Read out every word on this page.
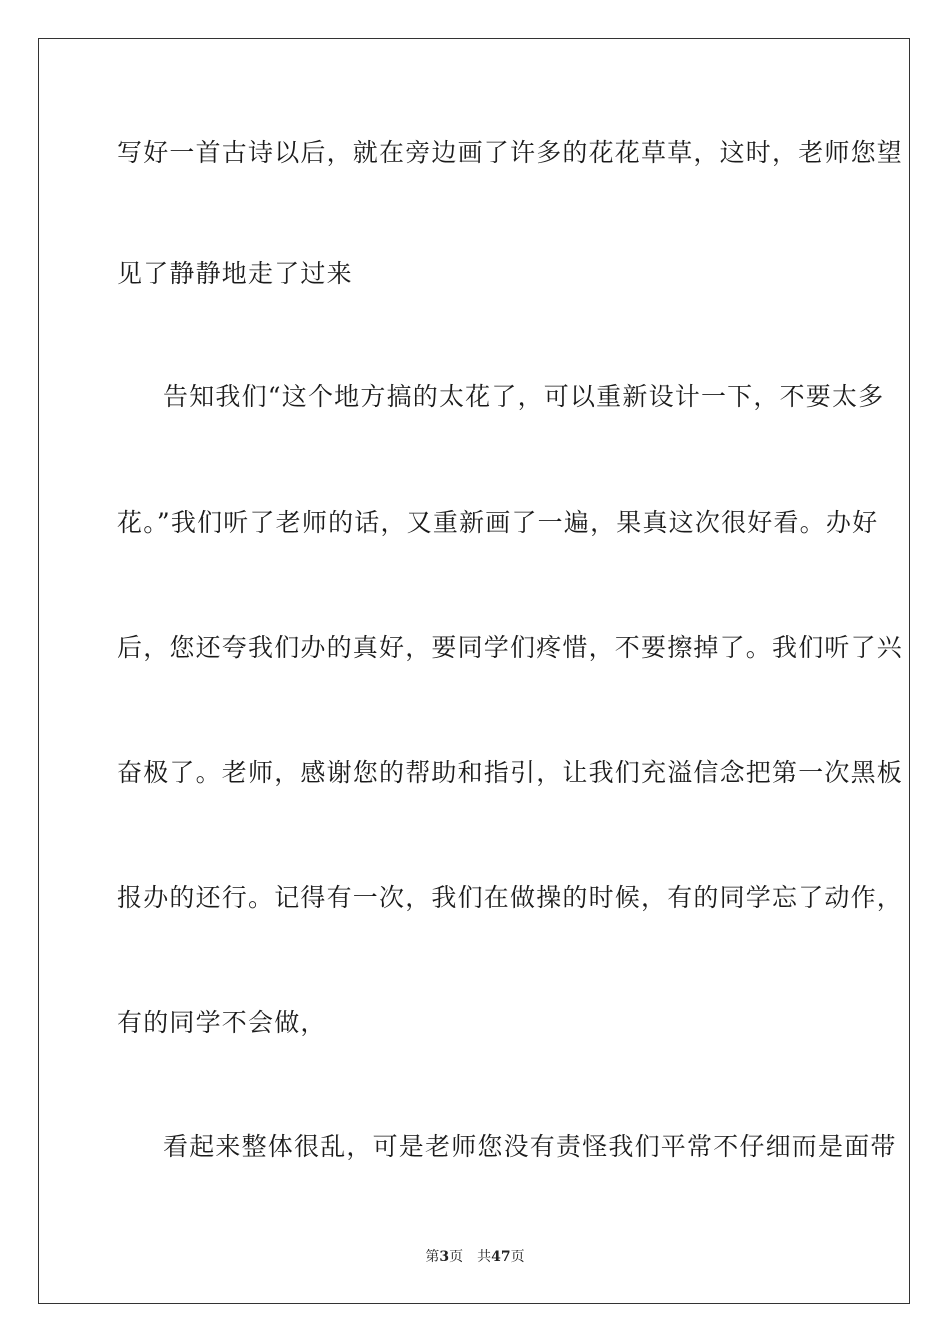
写好一首古诗以后，就在旁边画了许多的花花草草，这时，老师您望
见了静静地走了过来
告知我们“这个地方搞的太花了，可以重新设计一下，不要太多
花。”我们听了老师的话，又重新画了一遍，果真这次很好看。办好
后，您还夸我们办的真好，要同学们疼惜，不要擦掉了。我们听了兴
奋极了。老师，感谢您的帮助和指引，让我们充溢信念把第一次黑板
报办的还行。记得有一次，我们在做操的时候，有的同学忘了动作，
有的同学不会做，
看起来整体很乱，可是老师您没有责怪我们平常不仔细而是面带
第3页 共47页
